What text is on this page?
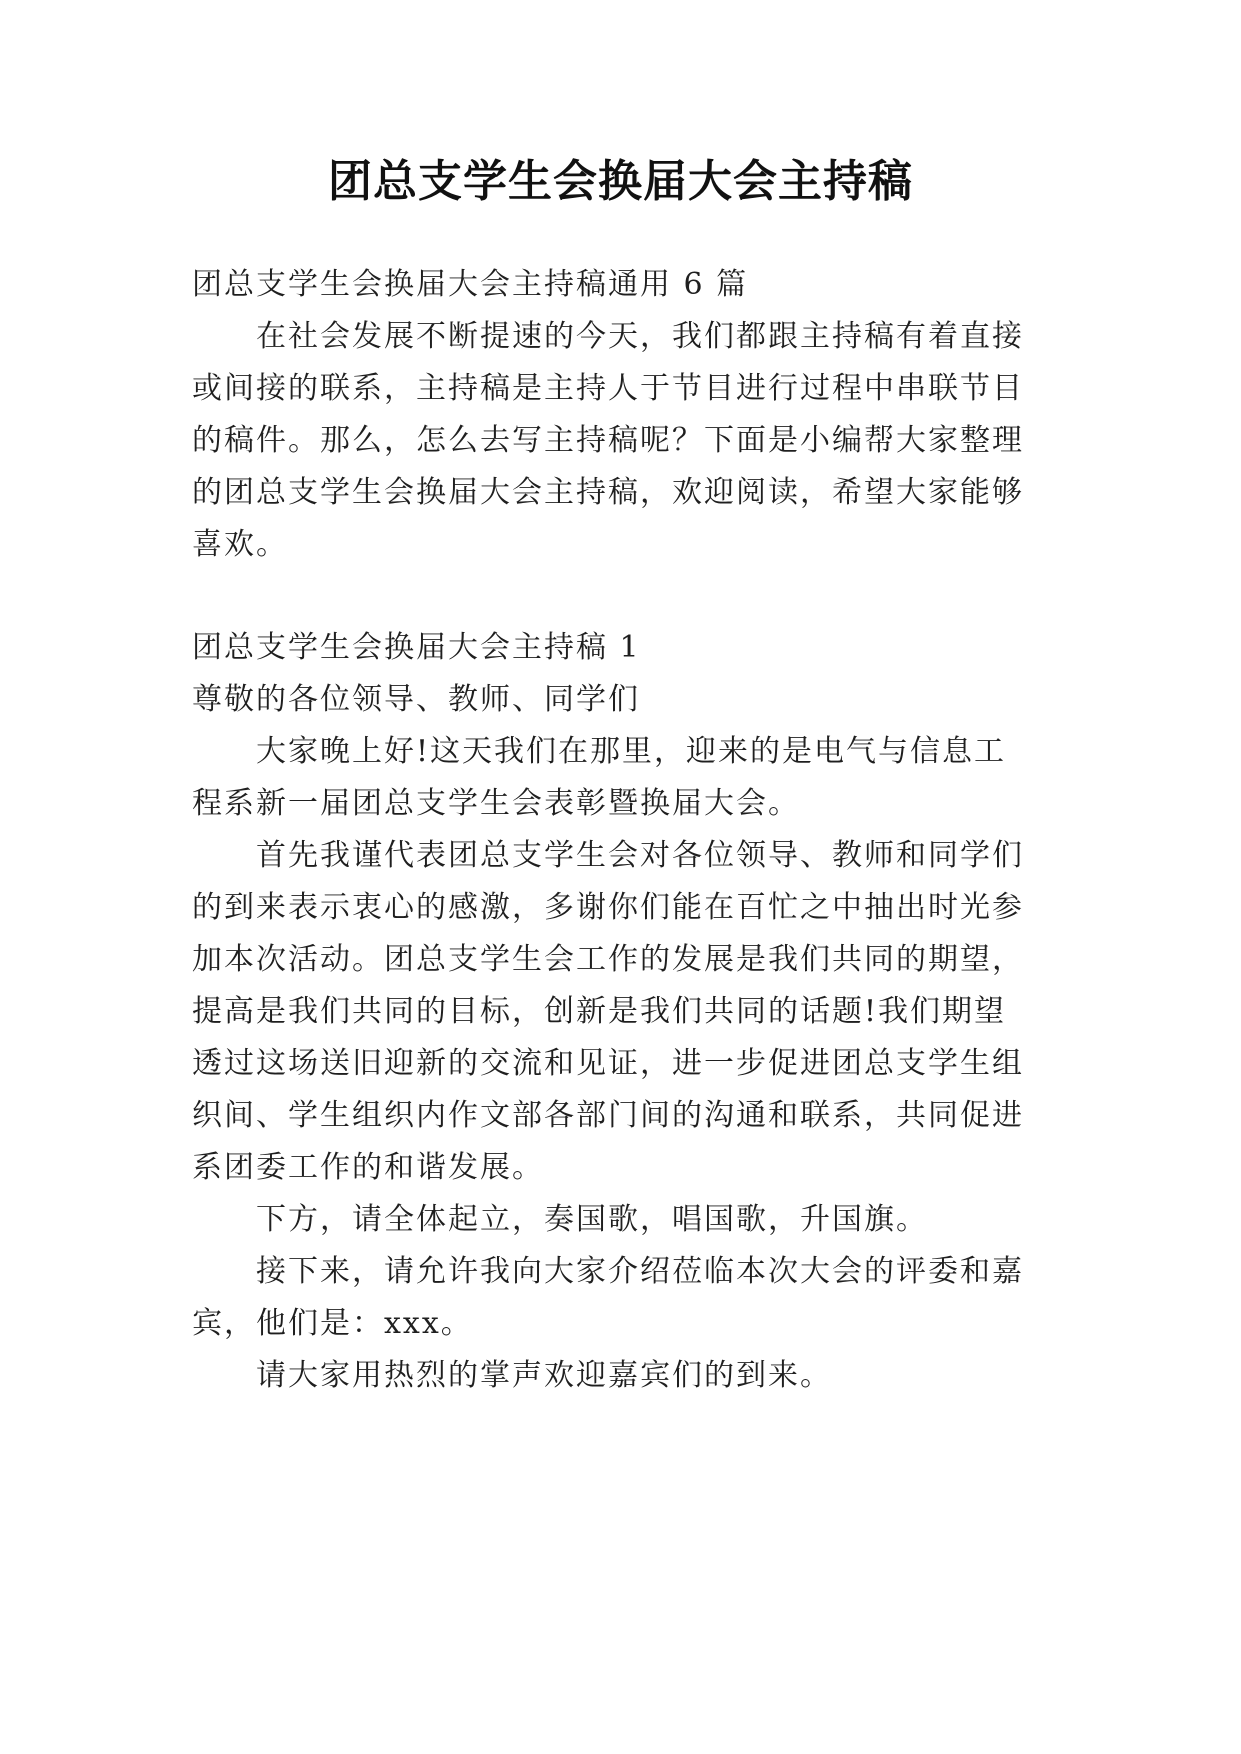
团总支学生会换届大会主持稿
团总支学生会换届大会主持稿通用 6 篇
在社会发展不断提速的今天，我们都跟主持稿有着直接
或间接的联系，主持稿是主持人于节目进行过程中串联节目
的稿件。那么，怎么去写主持稿呢？下面是小编帮大家整理
的团总支学生会换届大会主持稿，欢迎阅读，希望大家能够
喜欢。
团总支学生会换届大会主持稿 1
尊敬的各位领导、教师、同学们
大家晚上好!这天我们在那里，迎来的是电气与信息工
程系新一届团总支学生会表彰暨换届大会。
首先我谨代表团总支学生会对各位领导、教师和同学们
的到来表示衷心的感激，多谢你们能在百忙之中抽出时光参
加本次活动。团总支学生会工作的发展是我们共同的期望，
提高是我们共同的目标，创新是我们共同的话题!我们期望
透过这场送旧迎新的交流和见证，进一步促进团总支学生组
织间、学生组织内作文部各部门间的沟通和联系，共同促进
系团委工作的和谐发展。
下方，请全体起立，奏国歌，唱国歌，升国旗。
接下来，请允许我向大家介绍莅临本次大会的评委和嘉
宾，他们是：xxx。
请大家用热烈的掌声欢迎嘉宾们的到来。
